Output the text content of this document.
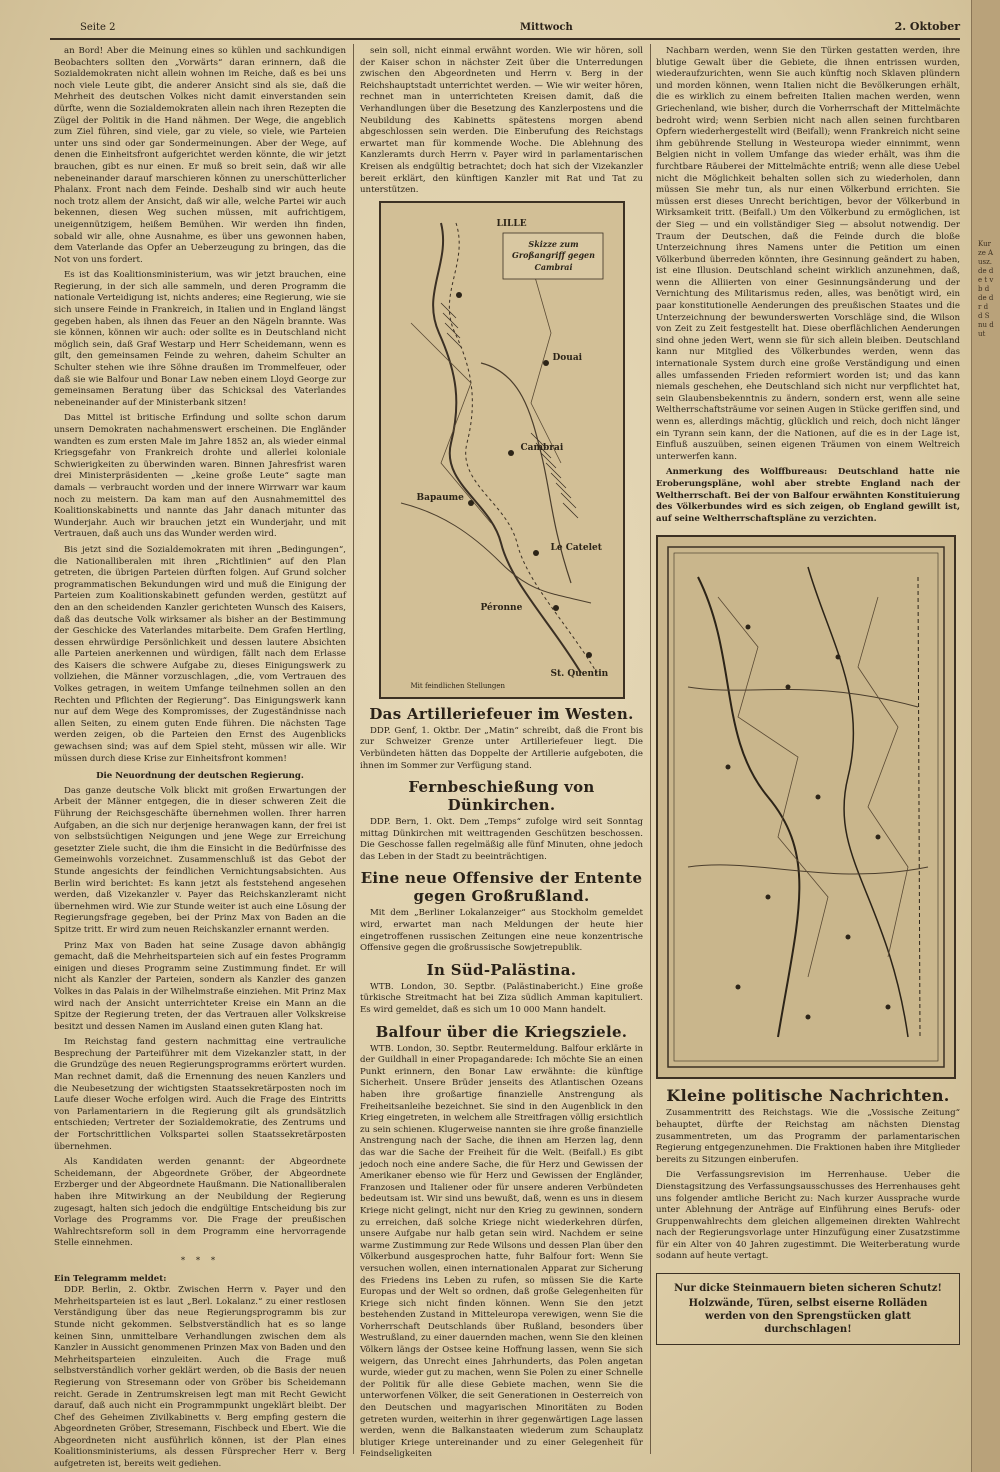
Kurze Ausz. de de t v b d de dr d d S nu d ut
Seite 2	Mittwoch	2. Oktober

an Bord! Aber die Meinung eines so kühlen und sachkundigen Beobachters sollten den „Vorwärts“ daran erinnern, daß die Sozialdemokraten nicht allein wohnen im Reiche, daß es bei uns noch viele Leute gibt, die anderer Ansicht sind als sie, daß die Mehrheit des deutschen Volkes nicht damit einverstanden sein dürfte, wenn die Sozialdemokraten allein nach ihren Rezepten die Zügel der Politik in die Hand nähmen. Der Wege, die angeblich zum Ziel führen, sind viele, gar zu viele, so viele, wie Parteien unter uns sind oder gar Sondermeinungen. Aber der Wege, auf denen die Einheitsfront aufgerichtet werden könnte, die wir jetzt brauchen, gibt es nur einen. Er muß so breit sein, daß wir alle nebeneinander darauf marschieren können zu unerschütterlicher Phalanx. Front nach dem Feinde. Deshalb sind wir auch heute noch trotz allem der Ansicht, daß wir alle, welche Partei wir auch bekennen, diesen Weg suchen müssen, mit aufrichtigem, uneigennützigem, heißem Bemühen. Wir werden ihn finden, sobald wir alle, ohne Ausnahme, es über uns gewonnen haben, dem Vaterlande das Opfer an Ueberzeugung zu bringen, das die Not von uns fordert.

Es ist das Koalitionsministerium, was wir jetzt brauchen, eine Regierung, in der sich alle sammeln, und deren Programm die nationale Verteidigung ist, nichts anderes; eine Regierung, wie sie sich unsere Feinde in Frankreich, in Italien und in England längst gegeben haben, als ihnen das Feuer an den Nägeln brannte. Was sie können, können wir auch: oder sollte es in Deutschland nicht möglich sein, daß Graf Westarp und Herr Scheidemann, wenn es gilt, den gemeinsamen Feinde zu wehren, daheim Schulter an Schulter stehen wie ihre Söhne draußen im Trommelfeuer, oder daß sie wie Balfour und Bonar Law neben einem Lloyd George zur gemeinsamen Beratung über das Schicksal des Vaterlandes nebeneinander auf der Ministerbank sitzen!

Das Mittel ist britische Erfindung und sollte schon darum unsern Demokraten nachahmenswert erscheinen. Die Engländer wandten es zum ersten Male im Jahre 1852 an, als wieder einmal Kriegsgefahr von Frankreich drohte und allerlei koloniale Schwierigkeiten zu überwinden waren. Binnen Jahresfrist waren drei Ministerpräsidenten — „keine große Leute“ sagte man damals — verbraucht worden und der innere Wirrwarr war kaum noch zu meistern. Da kam man auf den Ausnahmemittel des Koalitionskabinetts und nannte das Jahr danach mitunter das Wunderjahr. Auch wir brauchen jetzt ein Wunderjahr, und mit Vertrauen, daß auch uns das Wunder werden wird.

Bis jetzt sind die Sozialdemokraten mit ihren „Bedingungen“, die Nationalliberalen mit ihren „Richtlinien“ auf den Plan getreten, die übrigen Parteien dürften folgen. Auf Grund solcher programmatischen Bekundungen wird und muß die Einigung der Parteien zum Koalitionskabinett gefunden werden, gestützt auf den an den scheidenden Kanzler gerichteten Wunsch des Kaisers, daß das deutsche Volk wirksamer als bisher an der Bestimmung der Geschicke des Vaterlandes mitarbeite. Dem Grafen Hertling, dessen ehrwürdige Persönlichkeit und dessen lautere Absichten alle Parteien anerkennen und würdigen, fällt nach dem Erlasse des Kaisers die schwere Aufgabe zu, dieses Einigungswerk zu vollziehen, die Männer vorzuschlagen, „die, vom Vertrauen des Volkes getragen, in weitem Umfange teilnehmen sollen an den Rechten und Pflichten der Regierung“. Das Einigungswerk kann nur auf dem Wege des Kompromisses, der Zugeständnisse nach allen Seiten, zu einem guten Ende führen. Die nächsten Tage werden zeigen, ob die Parteien den Ernst des Augenblicks gewachsen sind; was auf dem Spiel steht, müssen wir alle. Wir müssen durch diese Krise zur Einheitsfront kommen!

Die Neuordnung der deutschen Regierung.

Das ganze deutsche Volk blickt mit großen Erwartungen der Arbeit der Männer entgegen, die in dieser schweren Zeit die Führung der Reichsgeschäfte übernehmen wollen. Ihrer harren Aufgaben, an die sich nur derjenige heranwagen kann, der frei ist von selbstsüchtigen Neigungen und jene Wege zur Erreichung gesetzter Ziele sucht, die ihm die Einsicht in die Bedürfnisse des Gemeinwohls vorzeichnet. Zusammenschluß ist das Gebot der Stunde angesichts der feindlichen Vernichtungsabsichten. Aus Berlin wird berichtet: Es kann jetzt als feststehend angesehen werden, daß Vizekanzler v. Payer das Reichskanzleramt nicht übernehmen wird. Wie zur Stunde weiter ist auch eine Lösung der Regierungsfrage gegeben, bei der Prinz Max von Baden an die Spitze tritt. Er wird zum neuen Reichskanzler ernannt werden.

Prinz Max von Baden hat seine Zusage davon abhängig gemacht, daß die Mehrheitsparteien sich auf ein festes Programm einigen und dieses Programm seine Zustimmung findet. Er will nicht als Kanzler der Parteien, sondern als Kanzler des ganzen Volkes in das Palais in der Wilhelmstraße einziehen. Mit Prinz Max wird nach der Ansicht unterrichteter Kreise ein Mann an die Spitze der Regierung treten, der das Vertrauen aller Volkskreise besitzt und dessen Namen im Ausland einen guten Klang hat.

Im Reichstag fand gestern nachmittag eine vertrauliche Besprechung der Parteiführer mit dem Vizekanzler statt, in der die Grundzüge des neuen Regierungsprogramms erörtert wurden. Man rechnet damit, daß die Ernennung des neuen Kanzlers und die Neubesetzung der wichtigsten Staatssekretärposten noch im Laufe dieser Woche erfolgen wird. Auch die Frage des Eintritts von Parlamentariern in die Regierung gilt als grundsätzlich entschieden; Vertreter der Sozialdemokratie, des Zentrums und der Fortschrittlichen Volkspartei sollen Staatssekretärposten übernehmen.

Als Kandidaten werden genannt: der Abgeordnete Scheidemann, der Abgeordnete Gröber, der Abgeordnete Erzberger und der Abgeordnete Haußmann. Die Nationalliberalen haben ihre Mitwirkung an der Neubildung der Regierung zugesagt, halten sich jedoch die endgültige Entscheidung bis zur Vorlage des Programms vor. Die Frage der preußischen Wahlrechtsreform soll in dem Programm eine hervorragende Stelle einnehmen.

* * *
Ein Telegramm meldet:

DDP. Berlin, 2. Oktbr. Zwischen Herrn v. Payer und den Mehrheitsparteien ist es laut „Berl. Lokalanz.“ zu einer restlosen Verständigung über das neue Regierungsprogramm bis zur Stunde nicht gekommen. Selbstverständlich hat es so lange keinen Sinn, unmittelbare Verhandlungen zwischen dem als Kanzler in Aussicht genommenen Prinzen Max von Baden und den Mehrheitsparteien einzuleiten. Auch die Frage muß selbstverständlich vorher geklärt werden, ob die Basis der neuen Regierung von Stresemann oder von Gröber bis Scheidemann reicht. Gerade in Zentrumskreisen legt man mit Recht Gewicht darauf, daß auch nicht ein Programmpunkt ungeklärt bleibt. Der Chef des Geheimen Zivilkabinetts v. Berg empfing gestern die Abgeordneten Gröber, Stresemann, Fischbeck und Ebert. Wie die Abgeordneten nicht ausführlich können, ist der Plan eines Koalitionsministeriums, als dessen Fürsprecher Herr v. Berg aufgetreten ist, bereits weit gediehen.

sein soll, nicht einmal erwähnt worden. Wie wir hören, soll der Kaiser schon in nächster Zeit über die Unterredungen zwischen den Abgeordneten und Herrn v. Berg in der Reichshauptstadt unterrichtet werden. — Wie wir weiter hören, rechnet man in unterrichteten Kreisen damit, daß die Verhandlungen über die Besetzung des Kanzlerpostens und die Neubildung des Kabinetts spätestens morgen abend abgeschlossen sein werden. Die Einberufung des Reichstags erwartet man für kommende Woche. Die Ablehnung des Kanzleramts durch Herrn v. Payer wird in parlamentarischen Kreisen als endgültig betrachtet; doch hat sich der Vizekanzler bereit erklärt, den künftigen Kanzler mit Rat und Tat zu unterstützen.

LILLE
Skizze zum Großangriff gegen Cambrai
Douai
Cambrai
Bapaume
Le Catelet
Péronne
St. Quentin
Mit feindlichen Stellungen
Das Artilleriefeuer im Westen.

DDP. Genf, 1. Oktbr. Der „Matin“ schreibt, daß die Front bis zur Schweizer Grenze unter Artilleriefeuer liegt. Die Verbündeten hätten das Doppelte der Artillerie aufgeboten, die ihnen im Sommer zur Verfügung stand.

Fernbeschießung von Dünkirchen.

DDP. Bern, 1. Okt. Dem „Temps“ zufolge wird seit Sonntag mittag Dünkirchen mit weittragenden Geschützen beschossen. Die Geschosse fallen regelmäßig alle fünf Minuten, ohne jedoch das Leben in der Stadt zu beeinträchtigen.

Eine neue Offensive der Entente gegen Großrußland.

Mit dem „Berliner Lokalanzeiger“ aus Stockholm gemeldet wird, erwartet man nach Meldungen der heute hier eingetroffenen russischen Zeitungen eine neue konzentrische Offensive gegen die großrussische Sowjetrepublik.

In Süd-Palästina.

WTB. London, 30. Septbr. (Palästinabericht.) Eine große türkische Streitmacht hat bei Ziza südlich Amman kapituliert. Es wird gemeldet, daß es sich um 10 000 Mann handelt.

Balfour über die Kriegsziele.

WTB. London, 30. Septbr. Reutermeldung. Balfour erklärte in der Guildhall in einer Propagandarede: Ich möchte Sie an einen Punkt erinnern, den Bonar Law erwähnte: die künftige Sicherheit. Unsere Brüder jenseits des Atlantischen Ozeans haben ihre großartige finanzielle Anstrengung als Freiheitsanleihe bezeichnet. Sie sind in den Augenblick in den Krieg eingetreten, in welchem alle Streitfragen völlig ersichtlich zu sein schienen. Klugerweise nannten sie ihre große finanzielle Anstrengung nach der Sache, die ihnen am Herzen lag, denn das war die Sache der Freiheit für die Welt. (Beifall.) Es gibt jedoch noch eine andere Sache, die für Herz und Gewissen der Amerikaner ebenso wie für Herz und Gewissen der Engländer, Franzosen und Italiener oder für unsere anderen Verbündeten bedeutsam ist. Wir sind uns bewußt, daß, wenn es uns in diesem Kriege nicht gelingt, nicht nur den Krieg zu gewinnen, sondern zu erreichen, daß solche Kriege nicht wiederkehren dürfen, unsere Aufgabe nur halb getan sein wird. Nachdem er seine warme Zustimmung zur Rede Wilsons und dessen Plan über den Völkerbund ausgesprochen hatte, fuhr Balfour fort: Wenn Sie versuchen wollen, einen internationalen Apparat zur Sicherung des Friedens ins Leben zu rufen, so müssen Sie die Karte Europas und der Welt so ordnen, daß große Gelegenheiten für Kriege sich nicht finden können. Wenn Sie den jetzt bestehenden Zustand in Mitteleuropa verewigen, wenn Sie die Vorherrschaft Deutschlands über Rußland, besonders über Westrußland, zu einer dauernden machen, wenn Sie den kleinen Völkern längs der Ostsee keine Hoffnung lassen, wenn Sie sich weigern, das Unrecht eines Jahrhunderts, das Polen angetan wurde, wieder gut zu machen, wenn Sie Polen zu einer Schnelle der Politik für alle diese Gebiete machen, wenn Sie die unterworfenen Völker, die seit Generationen in Oesterreich von den Deutschen und magyarischen Minoritäten zu Boden getreten wurden, weiterhin in ihrer gegenwärtigen Lage lassen werden, wenn die Balkanstaaten wiederum zum Schauplatz blutiger Kriege untereinander und zu einer Gelegenheit für Feindseligkeiten

Nachbarn werden, wenn Sie den Türken gestatten werden, ihre blutige Gewalt über die Gebiete, die ihnen entrissen wurden, wiederaufzurichten, wenn Sie auch künftig noch Sklaven plündern und morden können, wenn Italien nicht die Bevölkerungen erhält, die es wirklich zu einem befreiten Italien machen werden, wenn Griechenland, wie bisher, durch die Vorherrschaft der Mittelmächte bedroht wird; wenn Serbien nicht nach allen seinen furchtbaren Opfern wiederhergestellt wird (Beifall); wenn Frankreich nicht seine ihm gebührende Stellung in Westeuropa wieder einnimmt, wenn Belgien nicht in vollem Umfange das wieder erhält, was ihm die furchtbare Räuberei der Mittelmächte entriß; wenn alle diese Uebel nicht die Möglichkeit behalten sollen sich zu wiederholen, dann müssen Sie mehr tun, als nur einen Völkerbund errichten. Sie müssen erst dieses Unrecht berichtigen, bevor der Völkerbund in Wirksamkeit tritt. (Beifall.) Um den Völkerbund zu ermöglichen, ist der Sieg — und ein vollständiger Sieg — absolut notwendig. Der Traum der Deutschen, daß die Feinde durch die bloße Unterzeichnung ihres Namens unter die Petition um einen Völkerbund überreden könnten, ihre Gesinnung geändert zu haben, ist eine Illusion. Deutschland scheint wirklich anzunehmen, daß, wenn die Alliierten von einer Gesinnungsänderung und der Vernichtung des Militarismus reden, alles, was benötigt wird, ein paar konstitutionelle Aenderungen des preußischen Staates und die Unterzeichnung der bewunderswerten Vorschläge sind, die Wilson von Zeit zu Zeit festgestellt hat. Diese oberflächlichen Aenderungen sind ohne jeden Wert, wenn sie für sich allein bleiben. Deutschland kann nur Mitglied des Völkerbundes werden, wenn das internationale System durch eine große Verständigung und einen alles umfassenden Frieden reformiert worden ist; und das kann niemals geschehen, ehe Deutschland sich nicht nur verpflichtet hat, sein Glaubensbekenntnis zu ändern, sondern erst, wenn alle seine Weltherrschaftsträume vor seinen Augen in Stücke geriffen sind, und wenn es, allerdings mächtig, glücklich und reich, doch nicht länger ein Tyrann sein kann, der die Nationen, auf die es in der Lage ist, Einfluß auszuüben, seinen eigenen Träumen von einem Weltreich unterwerfen kann.

Anmerkung des Wolffbureaus: Deutschland hatte nie Eroberungspläne, wohl aber strebte England nach der Weltherrschaft. Bei der von Balfour erwähnten Konstituierung des Völkerbundes wird es sich zeigen, ob England gewillt ist, auf seine Weltherrschaftspläne zu verzichten.

Kleine politische Nachrichten.

Zusammentritt des Reichstags. Wie die „Vossische Zeitung“ behauptet, dürfte der Reichstag am nächsten Dienstag zusammentreten, um das Programm der parlamentarischen Regierung entgegenzunehmen. Die Fraktionen haben ihre Mitglieder bereits zu Sitzungen einberufen.

Die Verfassungsrevision im Herrenhause. Ueber die Dienstagsitzung des Verfassungsausschusses des Herrenhauses geht uns folgender amtliche Bericht zu: Nach kurzer Aussprache wurde unter Ablehnung der Anträge auf Einführung eines Berufs- oder Gruppenwahlrechts dem gleichen allgemeinen direkten Wahlrecht nach der Regierungsvorlage unter Hinzufügung einer Zusatzstimme für ein Alter von 40 Jahren zugestimmt. Die Weiterberatung wurde sodann auf heute vertagt.

Nur dicke Steinmauern bieten sicheren Schutz!
Holzwände, Türen, selbst eiserne Rolläden werden von den Sprengstücken glatt durchschlagen!
